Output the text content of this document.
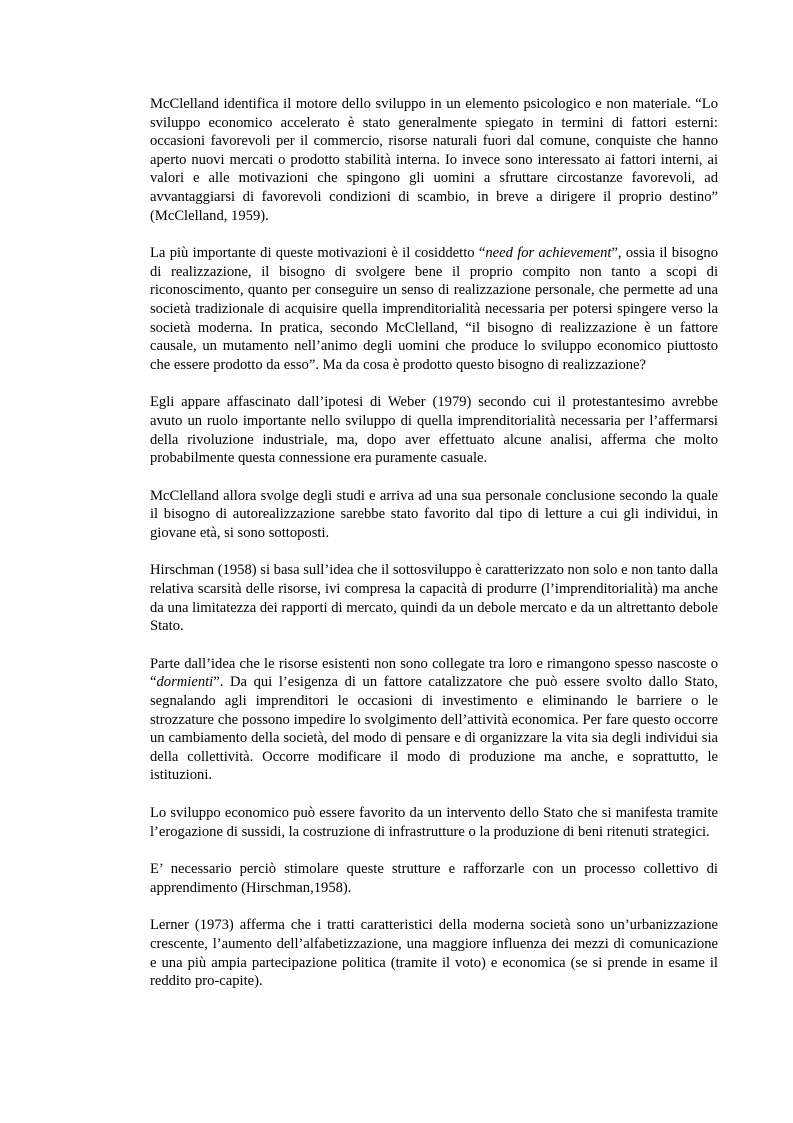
McClelland identifica il motore dello sviluppo in un elemento psicologico e non materiale. “Lo sviluppo economico accelerato è stato generalmente spiegato in termini di fattori esterni: occasioni favorevoli per il commercio, risorse naturali fuori dal comune, conquiste che hanno aperto nuovi mercati o prodotto stabilità interna. Io invece sono interessato ai fattori interni, ai valori e alle motivazioni che spingono gli uomini a sfruttare circostanze favorevoli, ad avvantaggiarsi di favorevoli condizioni di scambio, in breve a dirigere il proprio destino” (McClelland, 1959).

La più importante di queste motivazioni è il cosiddetto “need for achievement”, ossia il bisogno di realizzazione, il bisogno di svolgere bene il proprio compito non tanto a scopi di riconoscimento, quanto per conseguire un senso di realizzazione personale, che permette ad una società tradizionale di acquisire quella imprenditorialità necessaria per potersi spingere verso la società moderna. In pratica, secondo McClelland, “il bisogno di realizzazione è un fattore causale, un mutamento nell’animo degli uomini che produce lo sviluppo economico piuttosto che essere prodotto da esso”. Ma da cosa è prodotto questo bisogno di realizzazione?

Egli appare affascinato dall’ipotesi di Weber (1979) secondo cui il protestantesimo avrebbe avuto un ruolo importante nello sviluppo di quella imprenditorialità necessaria per l’affermarsi della rivoluzione industriale, ma, dopo aver effettuato alcune analisi, afferma che molto probabilmente questa connessione era puramente casuale.

McClelland allora svolge degli studi e arriva ad una sua personale conclusione secondo la quale il bisogno di autorealizzazione sarebbe stato favorito dal tipo di letture a cui gli individui, in giovane età, si sono sottoposti.

Hirschman (1958) si basa sull’idea che il sottosviluppo è caratterizzato non solo e non tanto dalla relativa scarsità delle risorse, ivi compresa la capacità di produrre (l’imprenditorialità) ma anche da una limitatezza dei rapporti di mercato, quindi da un debole mercato e da un altrettanto debole Stato.

Parte dall’idea che le risorse esistenti non sono collegate tra loro e rimangono spesso nascoste o “dormienti”. Da qui l’esigenza di un fattore catalizzatore che può essere svolto dallo Stato, segnalando agli imprenditori le occasioni di investimento e eliminando le barriere o le strozzature che possono impedire lo svolgimento dell’attività economica. Per fare questo occorre un cambiamento della società, del modo di pensare e di organizzare la vita sia degli individui sia della collettività. Occorre modificare il modo di produzione ma anche, e soprattutto, le istituzioni.

Lo sviluppo economico può essere favorito da un intervento dello Stato che si manifesta tramite l’erogazione di sussidi, la costruzione di infrastrutture o la produzione di beni ritenuti strategici.

E’ necessario perciò stimolare queste strutture e rafforzarle con un processo collettivo di apprendimento (Hirschman,1958).

Lerner (1973) afferma che i tratti caratteristici della moderna società sono un’urbanizzazione crescente, l’aumento dell’alfabetizzazione, una maggiore influenza dei mezzi di comunicazione e una più ampia partecipazione politica (tramite il voto) e economica (se si prende in esame il reddito pro-capite).
